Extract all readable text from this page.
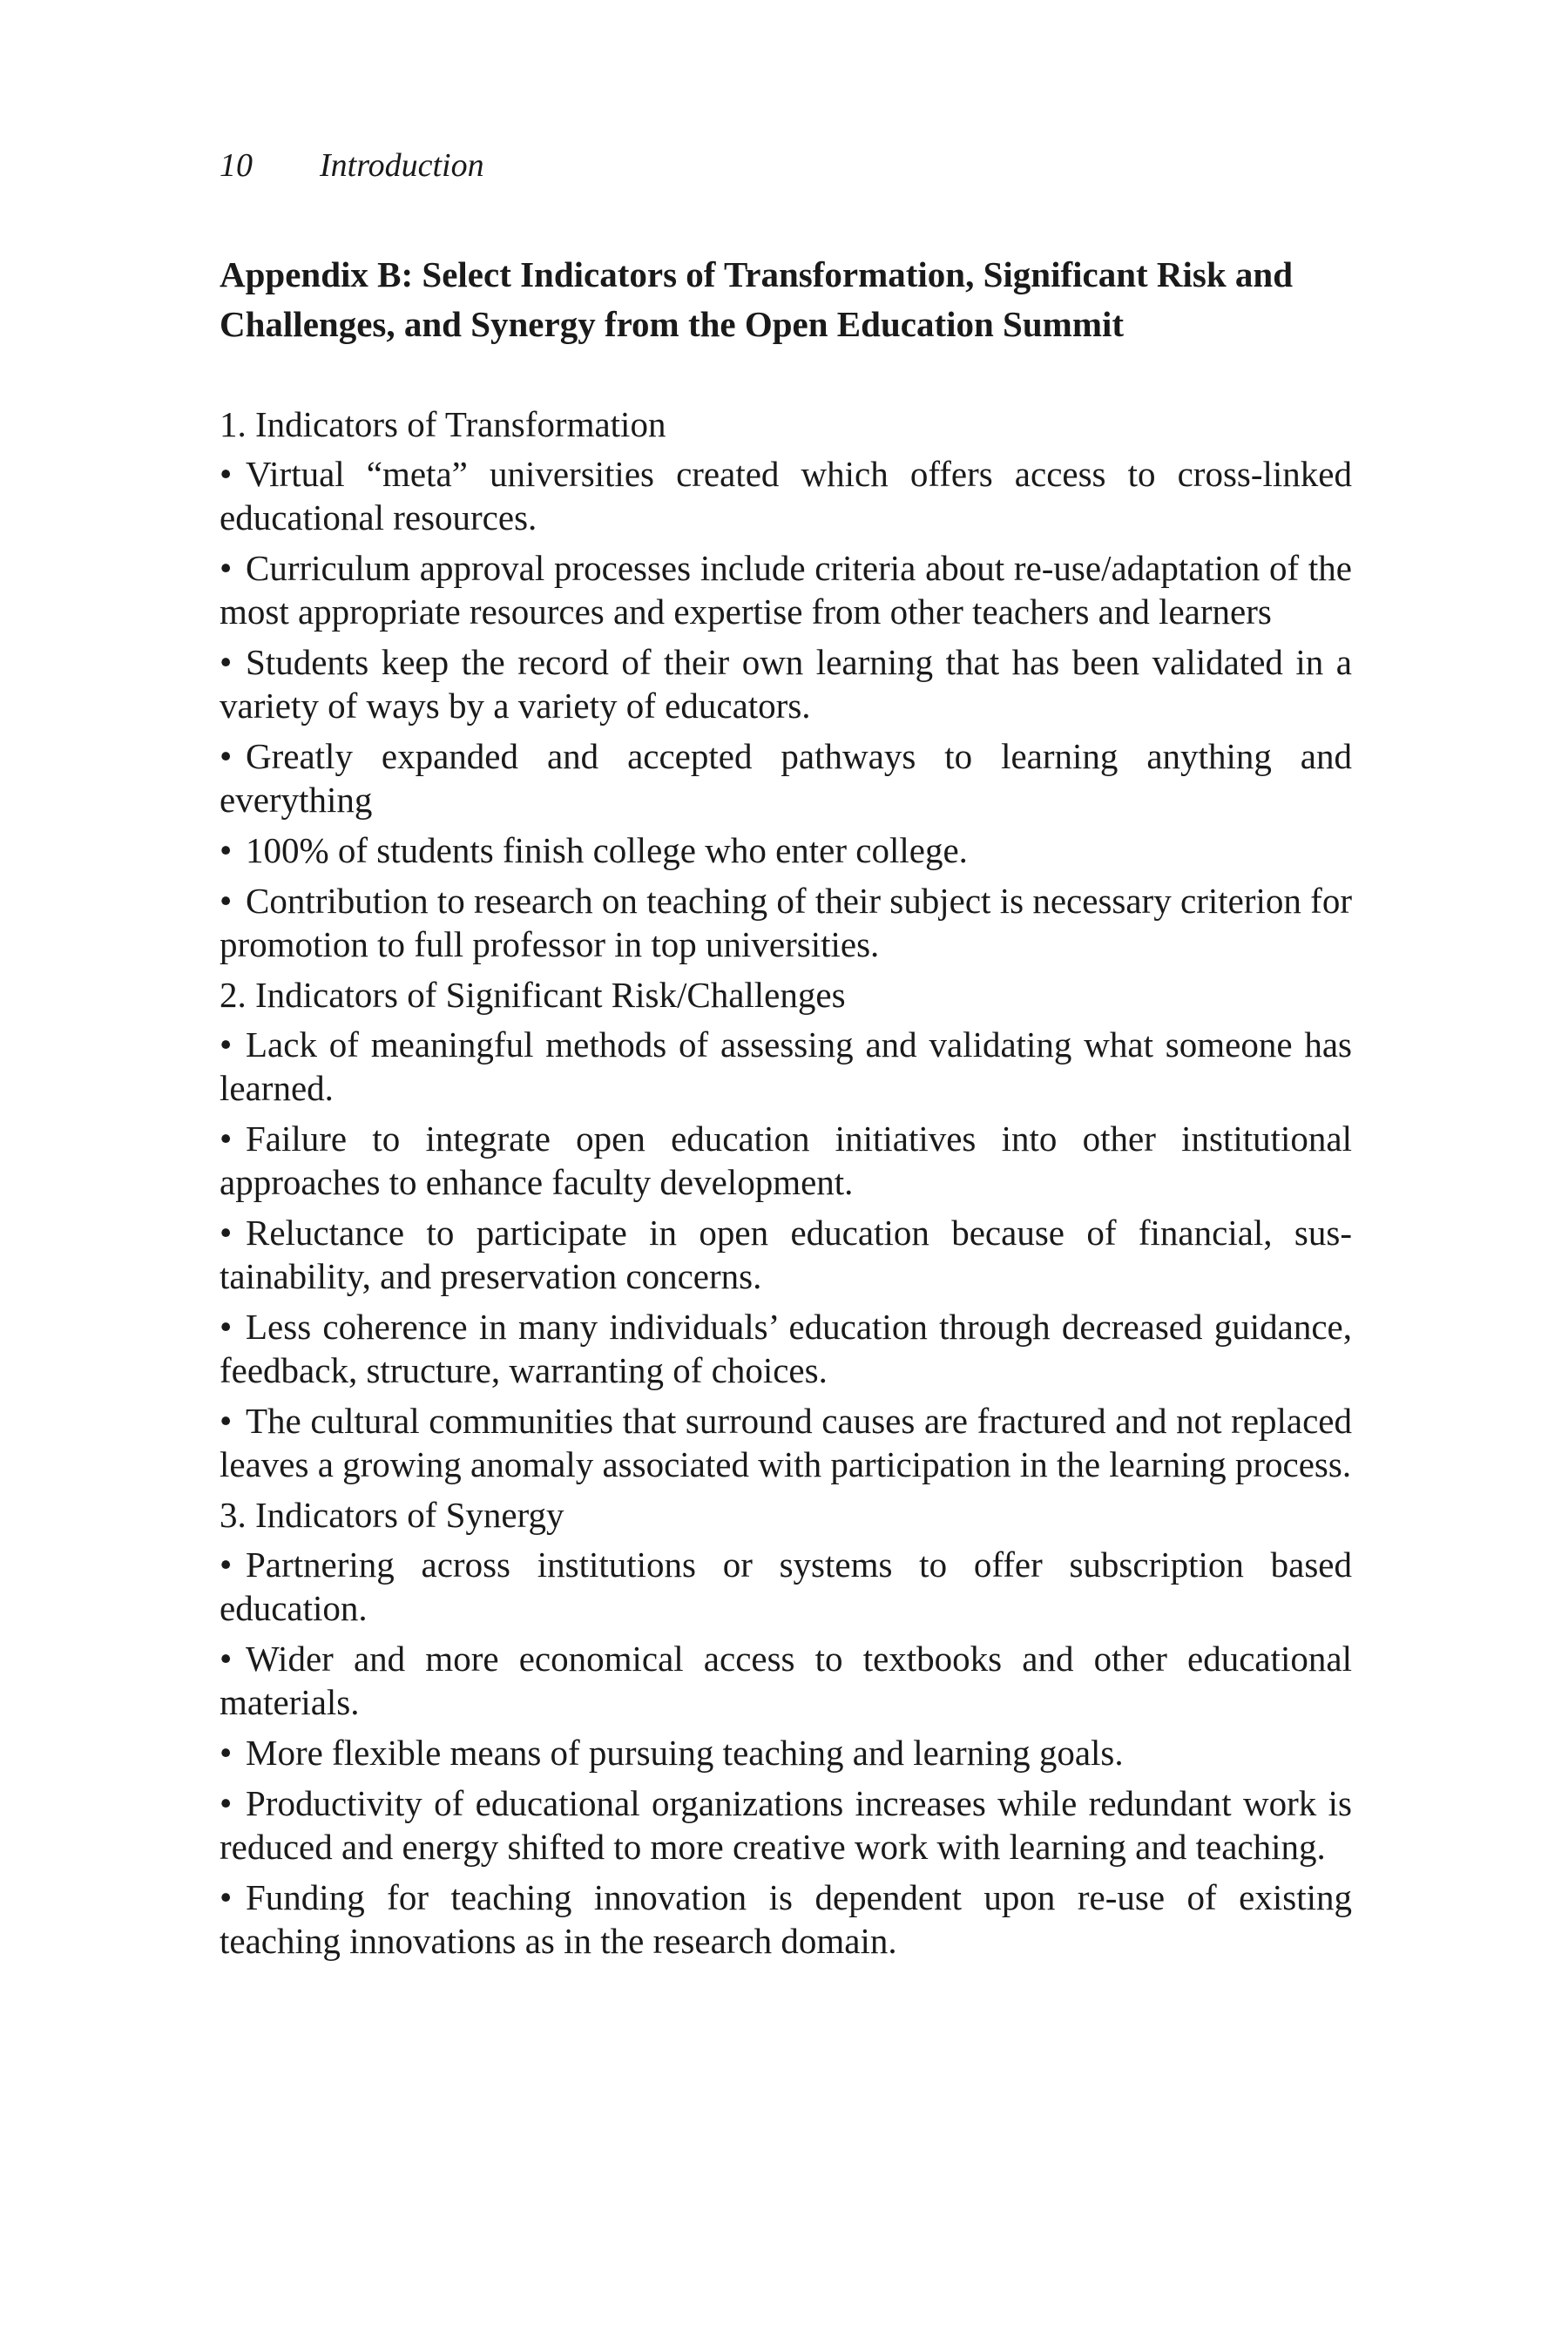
10 Introduction
Appendix B: Select Indicators of Transformation, Significant Risk and Challenges, and Synergy from the Open Education Summit
1. Indicators of Transformation
• Virtual “meta” universities created which offers access to cross-linked educational resources.
• Curriculum approval processes include criteria about re-use/adaptation of the most appropriate resources and expertise from other teachers and learners
• Students keep the record of their own learning that has been validated in a variety of ways by a variety of educators.
• Greatly expanded and accepted pathways to learning anything and everything
• 100% of students finish college who enter college.
• Contribution to research on teaching of their subject is necessary criterion for promotion to full professor in top universities.
2. Indicators of Significant Risk/Challenges
• Lack of meaningful methods of assessing and validating what someone has learned.
• Failure to integrate open education initiatives into other institutional approaches to enhance faculty development.
• Reluctance to participate in open education because of financial, sustainability, and preservation concerns.
• Less coherence in many individuals’ education through decreased guidance, feedback, structure, warranting of choices.
• The cultural communities that surround causes are fractured and not replaced leaves a growing anomaly associated with participation in the learning process.
3. Indicators of Synergy
• Partnering across institutions or systems to offer subscription based education.
• Wider and more economical access to textbooks and other educational materials.
• More flexible means of pursuing teaching and learning goals.
• Productivity of educational organizations increases while redundant work is reduced and energy shifted to more creative work with learning and teaching.
• Funding for teaching innovation is dependent upon re-use of existing teaching innovations as in the research domain.
